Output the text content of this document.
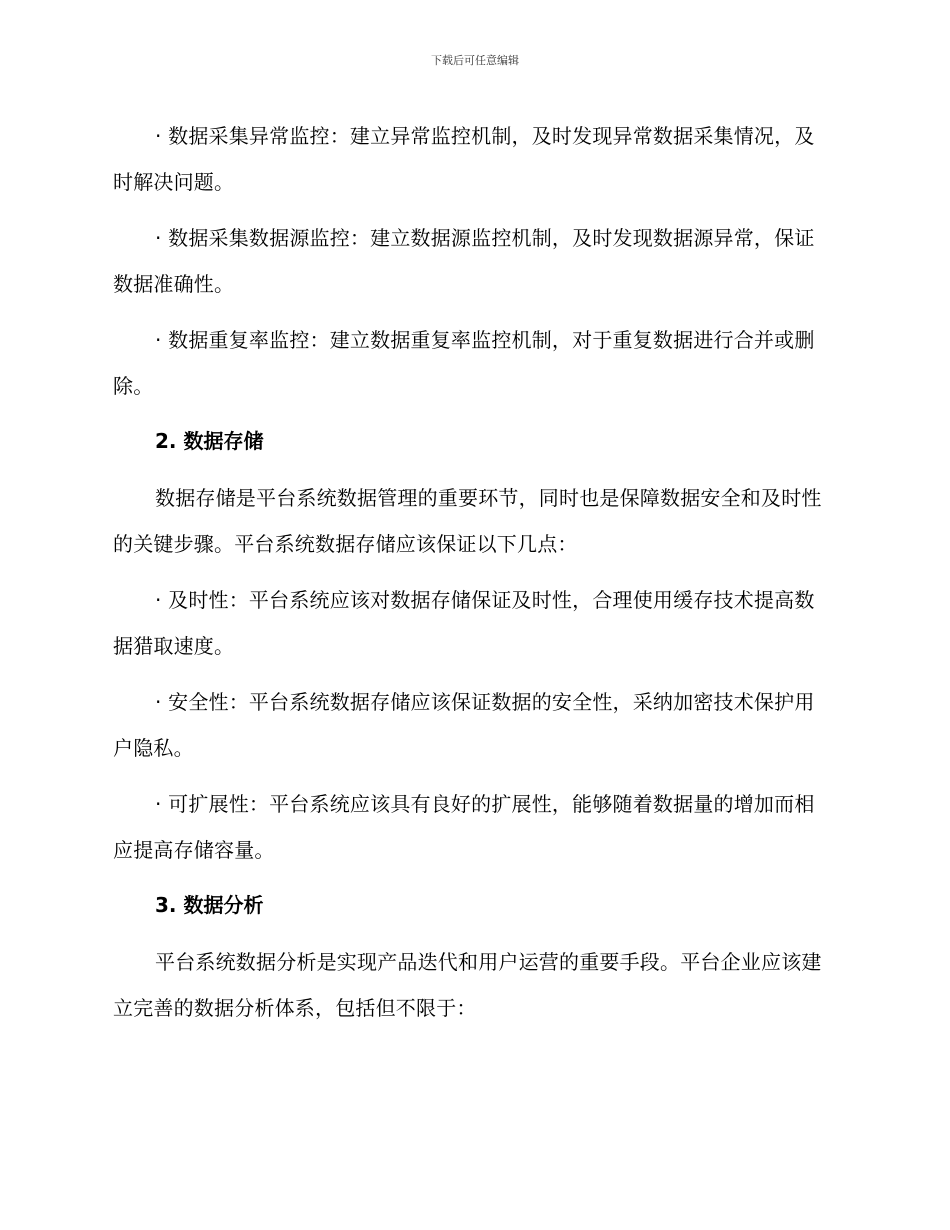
下载后可任意编辑

· 数据采集异常监控：建立异常监控机制，及时发现异常数据采集情况，及时解决问题。

· 数据采集数据源监控：建立数据源监控机制，及时发现数据源异常，保证数据准确性。

· 数据重复率监控：建立数据重复率监控机制，对于重复数据进行合并或删除。

2. 数据存储

数据存储是平台系统数据管理的重要环节，同时也是保障数据安全和及时性的关键步骤。平台系统数据存储应该保证以下几点：

· 及时性：平台系统应该对数据存储保证及时性，合理使用缓存技术提高数据猎取速度。

· 安全性：平台系统数据存储应该保证数据的安全性，采纳加密技术保护用户隐私。

· 可扩展性：平台系统应该具有良好的扩展性，能够随着数据量的增加而相应提高存储容量。

3. 数据分析

平台系统数据分析是实现产品迭代和用户运营的重要手段。平台企业应该建立完善的数据分析体系，包括但不限于：
